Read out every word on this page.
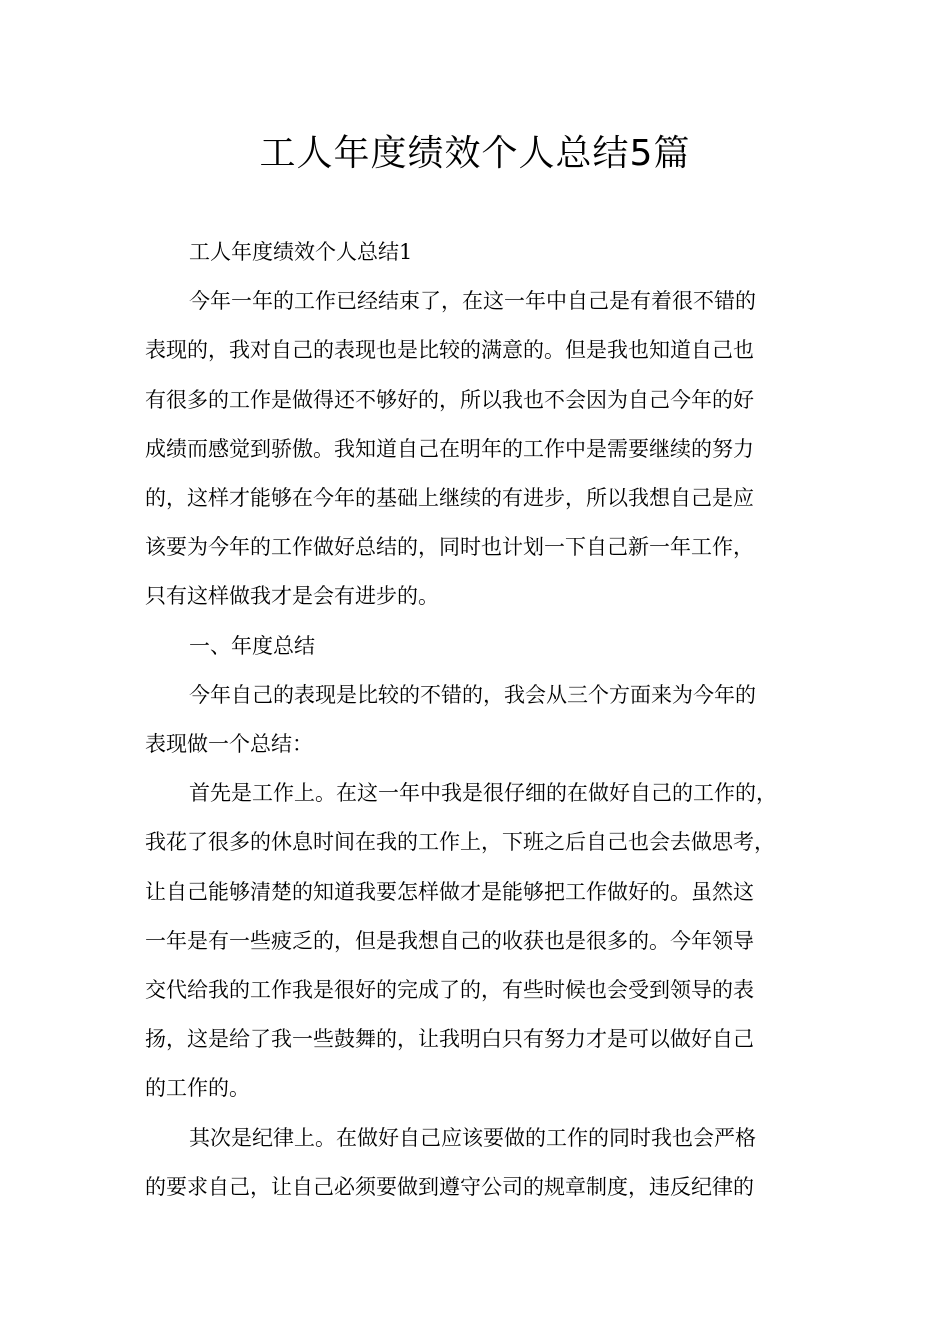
工人年度绩效个人总结5篇
工人年度绩效个人总结1
今年一年的工作已经结束了，在这一年中自己是有着很不错的
表现的，我对自己的表现也是比较的满意的。但是我也知道自己也
有很多的工作是做得还不够好的，所以我也不会因为自己今年的好
成绩而感觉到骄傲。我知道自己在明年的工作中是需要继续的努力
的，这样才能够在今年的基础上继续的有进步，所以我想自己是应
该要为今年的工作做好总结的，同时也计划一下自己新一年工作，
只有这样做我才是会有进步的。
一、年度总结
今年自己的表现是比较的不错的，我会从三个方面来为今年的
表现做一个总结：
首先是工作上。在这一年中我是很仔细的在做好自己的工作的，
我花了很多的休息时间在我的工作上，下班之后自己也会去做思考，
让自己能够清楚的知道我要怎样做才是能够把工作做好的。虽然这
一年是有一些疲乏的，但是我想自己的收获也是很多的。今年领导
交代给我的工作我是很好的完成了的，有些时候也会受到领导的表
扬，这是给了我一些鼓舞的，让我明白只有努力才是可以做好自己
的工作的。
其次是纪律上。在做好自己应该要做的工作的同时我也会严格
的要求自己，让自己必须要做到遵守公司的规章制度，违反纪律的
